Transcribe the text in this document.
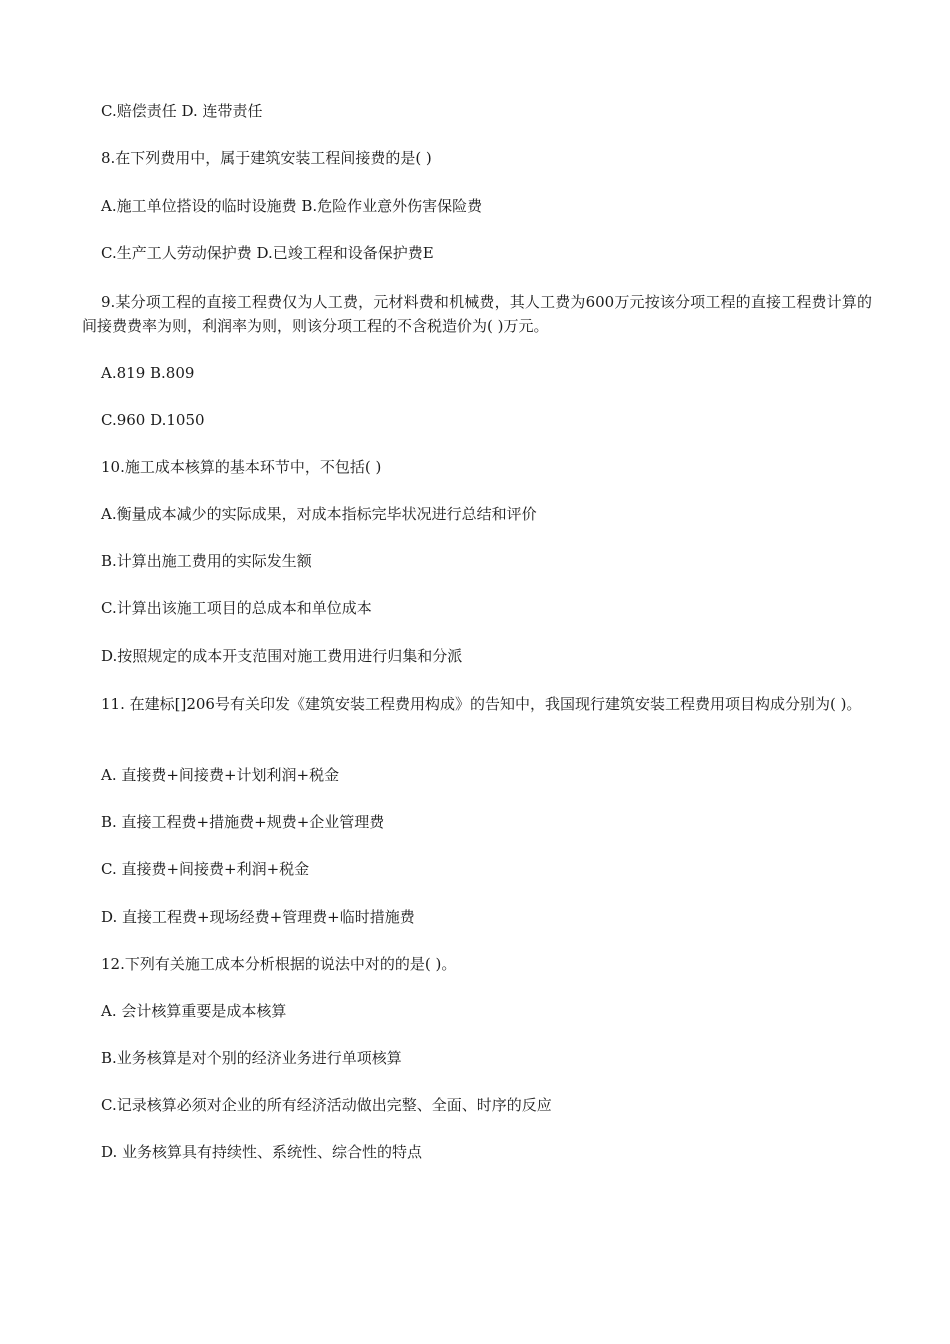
C.赔偿责任 D. 连带责任
8.在下列费用中，属于建筑安装工程间接费的是( )
A.施工单位搭设的临时设施费 B.危险作业意外伤害保险费
C.生产工人劳动保护费 D.已竣工程和设备保护费E
9.某分项工程的直接工程费仅为人工费，元材料费和机械费，其人工费为600万元按该分项工程的直接工程费计算的间接费费率为则，利润率为则，则该分项工程的不含税造价为( )万元。
A.819 B.809
C.960 D.1050
10.施工成本核算的基本环节中，不包括( )
A.衡量成本减少的实际成果，对成本指标完毕状况进行总结和评价
B.计算出施工费用的实际发生额
C.计算出该施工项目的总成本和单位成本
D.按照规定的成本开支范围对施工费用进行归集和分派
11. 在建标[]206号有关印发《建筑安装工程费用构成》的告知中，我国现行建筑安装工程费用项目构成分别为( )。
A. 直接费+间接费+计划利润+税金
B. 直接工程费+措施费+规费+企业管理费
C. 直接费+间接费+利润+税金
D. 直接工程费+现场经费+管理费+临时措施费
12.下列有关施工成本分析根据的说法中对的的是( )。
A. 会计核算重要是成本核算
B.业务核算是对个别的经济业务进行单项核算
C.记录核算必须对企业的所有经济活动做出完整、全面、时序的反应
D. 业务核算具有持续性、系统性、综合性的特点
